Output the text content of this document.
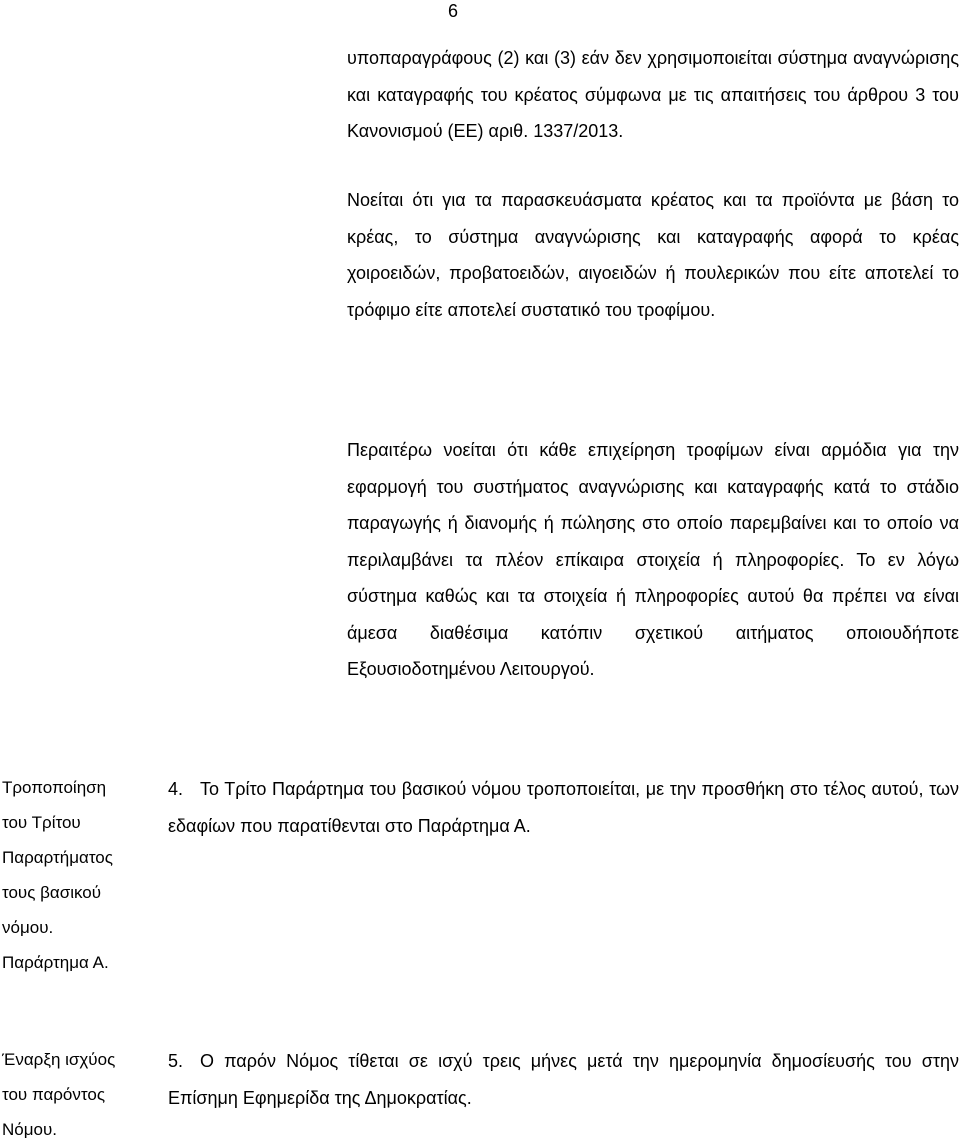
6

υποπαραγράφους (2) και (3) εάν δεν χρησιμοποιείται σύστημα αναγνώρισης και καταγραφής του κρέατος σύμφωνα με τις απαιτήσεις του άρθρου 3 του Κανονισμού (ΕΕ) αριθ. 1337/2013.

Νοείται ότι για τα παρασκευάσματα κρέατος και τα προϊόντα με βάση το κρέας, το σύστημα αναγνώρισης και καταγραφής αφορά το κρέας χοιροειδών, προβατοειδών, αιγοειδών ή πουλερικών που είτε αποτελεί το τρόφιμο είτε αποτελεί συστατικό του τροφίμου.

Περαιτέρω νοείται ότι κάθε επιχείρηση τροφίμων είναι αρμόδια για την εφαρμογή του συστήματος αναγνώρισης και καταγραφής κατά το στάδιο παραγωγής ή διανομής ή πώλησης στο οποίο παρεμβαίνει και το οποίο να περιλαμβάνει τα πλέον επίκαιρα στοιχεία ή πληροφορίες. Το εν λόγω σύστημα καθώς και τα στοιχεία ή πληροφορίες αυτού θα πρέπει να είναι άμεσα διαθέσιμα κατόπιν σχετικού αιτήματος οποιουδήποτε Εξουσιοδοτημένου Λειτουργού.

Τροποποίηση
του Τρίτου
Παραρτήματος
τους βασικού
νόμου.
Παράρτημα Α.

4. Το Τρίτο Παράρτημα του βασικού νόμου τροποποιείται, με την προσθήκη στο τέλος αυτού, των εδαφίων που παρατίθενται στο Παράρτημα Α.

Έναρξη ισχύος
του παρόντος
Νόμου.

5. Ο παρόν Νόμος τίθεται σε ισχύ τρεις μήνες μετά την ημερομηνία δημοσίευσής του στην Επίσημη Εφημερίδα της Δημοκρατίας.
